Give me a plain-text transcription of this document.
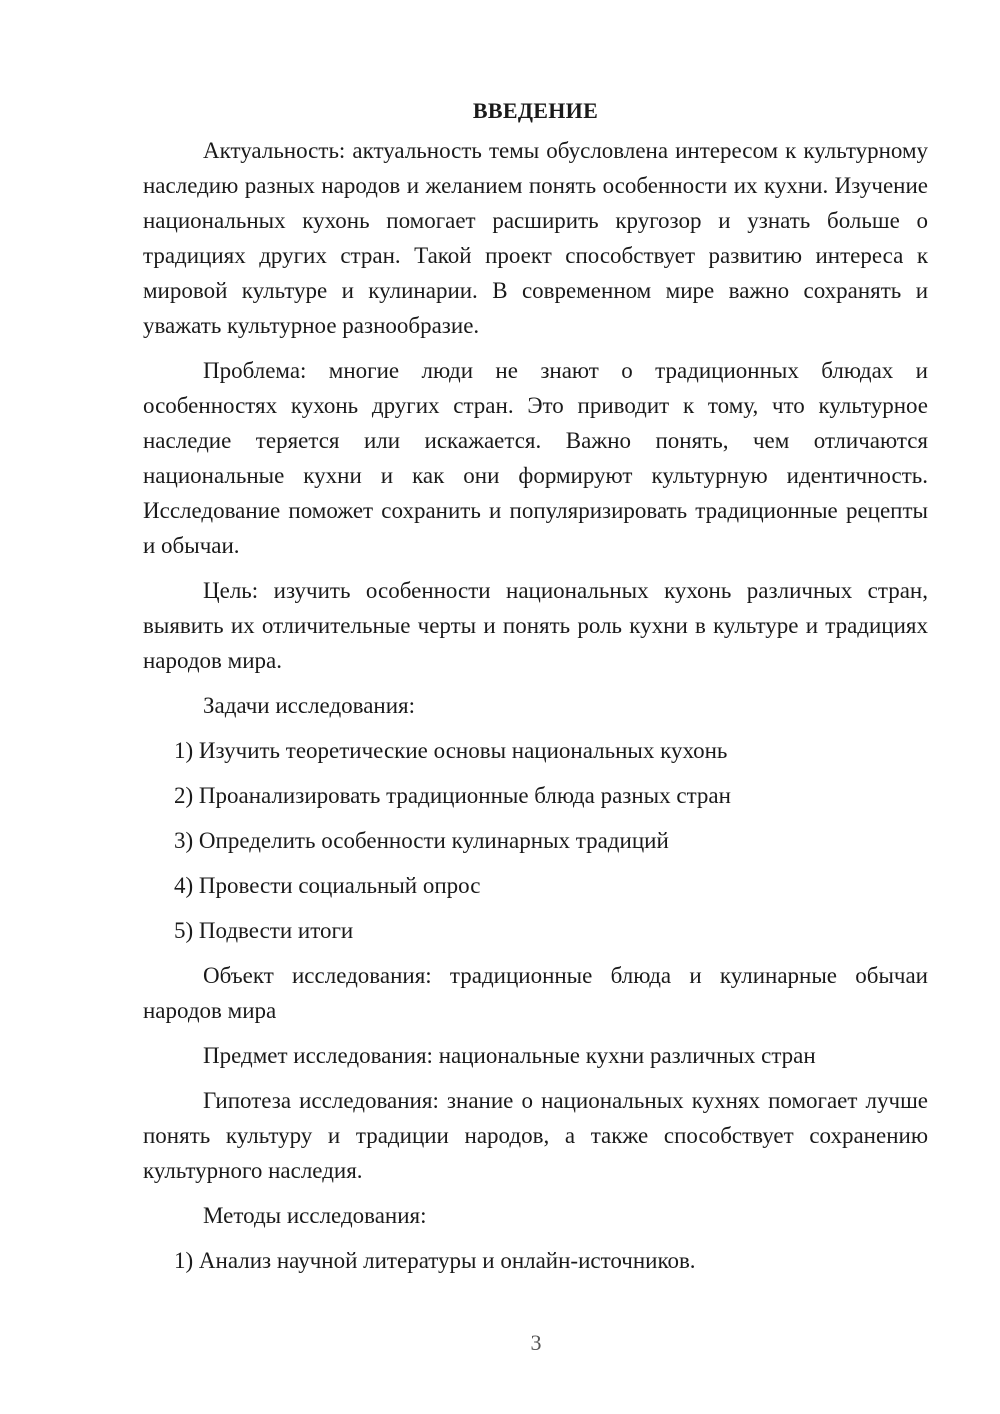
ВВЕДЕНИЕ

Актуальность: актуальность темы обусловлена интересом к культурному наследию разных народов и желанием понять особенности их кухни. Изучение национальных кухонь помогает расширить кругозор и узнать больше о традициях других стран. Такой проект способствует развитию интереса к мировой культуре и кулинарии. В современном мире важно сохранять и уважать культурное разнообразие.

Проблема: многие люди не знают о традиционных блюдах и особенностях кухонь других стран. Это приводит к тому, что культурное наследие теряется или искажается. Важно понять, чем отличаются национальные кухни и как они формируют культурную идентичность. Исследование поможет сохранить и популяризировать традиционные рецепты и обычаи.

Цель: изучить особенности национальных кухонь различных стран, выявить их отличительные черты и понять роль кухни в культуре и традициях народов мира.

Задачи исследования:

1) Изучить теоретические основы национальных кухонь
2) Проанализировать традиционные блюда разных стран
3) Определить особенности кулинарных традиций
4) Провести социальный опрос
5) Подвести итоги

Объект исследования: традиционные блюда и кулинарные обычаи народов мира

Предмет исследования: национальные кухни различных стран

Гипотеза исследования: знание о национальных кухнях помогает лучше понять культуру и традиции народов, а также способствует сохранению культурного наследия.

Методы исследования:

1) Анализ научной литературы и онлайн-источников.
3
